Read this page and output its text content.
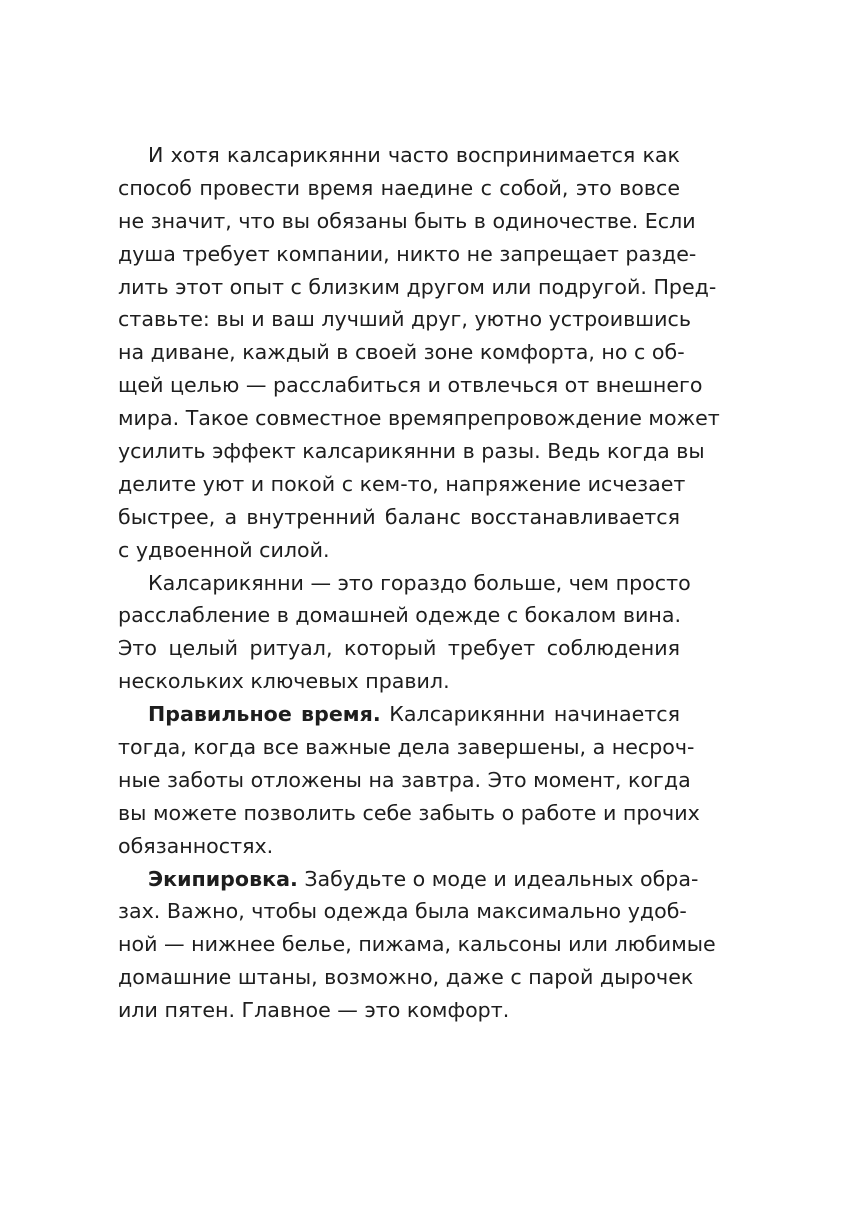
И хотя калсарикянни часто воспринимается как
способ провести время наедине с собой, это вовсе
не значит, что вы обязаны быть в одиночестве. Если
душа требует компании, никто не запрещает разде-
лить этот опыт с близким другом или подругой. Пред-
ставьте: вы и ваш лучший друг, уютно устроившись
на диване, каждый в своей зоне комфорта, но с об-
щей целью — расслабиться и отвлечься от внешнего
мира. Такое совместное времяпрепровождение может
усилить эффект калсарикянни в разы. Ведь когда вы
делите уют и покой с кем-то, напряжение исчезает
быстрее, а внутренний баланс восстанавливается
с удвоенной силой.
Калсарикянни — это гораздо больше, чем просто
расслабление в домашней одежде с бокалом вина.
Это целый ритуал, который требует соблюдения
нескольких ключевых правил.
Правильное время. Калсарикянни начинается
тогда, когда все важные дела завершены, а несроч-
ные заботы отложены на завтра. Это момент, когда
вы можете позволить себе забыть о работе и прочих
обязанностях.
Экипировка. Забудьте о моде и идеальных обра-
зах. Важно, чтобы одежда была максимально удоб-
ной — нижнее белье, пижама, кальсоны или любимые
домашние штаны, возможно, даже с парой дырочек
или пятен. Главное — это комфорт.
